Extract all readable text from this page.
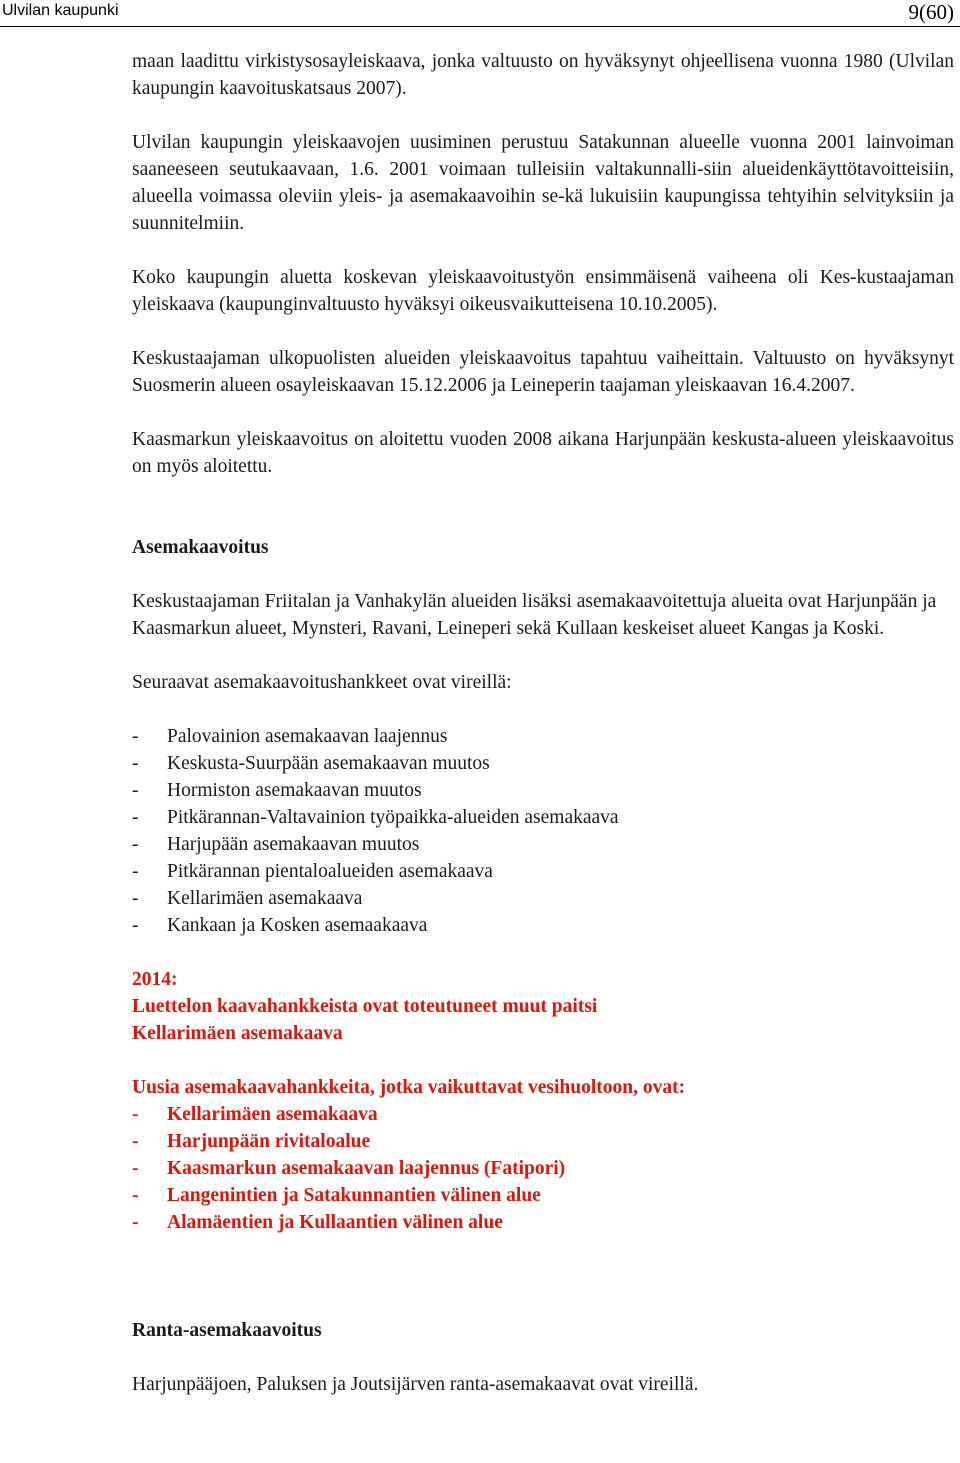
Ulvilan kaupunki	9(60)

maan laadittu virkistysosayleiskaava, jonka valtuusto on hyväksynyt ohjeellisena vuonna 1980 (Ulvilan kaupungin kaavoituskatsaus 2007).

Ulvilan kaupungin yleiskaavojen uusiminen perustuu Satakunnan alueelle vuonna 2001 lainvoiman saaneeseen seutukaavaan, 1.6. 2001 voimaan tulleisiin valtakunnalli-siin alueidenkäyttötavoitteisiin, alueella voimassa oleviin yleis- ja asemakaavoihin se-kä lukuisiin kaupungissa tehtyihin selvityksiin ja suunnitelmiin.

Koko kaupungin aluetta koskevan yleiskaavoitustyön ensimmäisenä vaiheena oli Kes-kustaajaman yleiskaava (kaupunginvaltuusto hyväksyi oikeusvaikutteisena 10.10.2005).

Keskustaajaman ulkopuolisten alueiden yleiskaavoitus tapahtuu vaiheittain. Valtuusto on hyväksynyt Suosmerin alueen osayleiskaavan 15.12.2006 ja Leineperin taajaman yleiskaavan 16.4.2007.

Kaasmarkun yleiskaavoitus on aloitettu vuoden 2008 aikana Harjunpään keskusta-alueen yleiskaavoitus on myös aloitettu.

Asemakaavoitus

Keskustaajaman Friitalan ja Vanhakylän alueiden lisäksi asemakaavoitettuja alueita ovat Harjunpään ja Kaasmarkun alueet, Mynsteri, Ravani, Leineperi sekä Kullaan keskeiset alueet Kangas ja Koski.

Seuraavat asemakaavoitushankkeet ovat vireillä:

- Palovainion asemakaavan laajennus
- Keskusta-Suurpään asemakaavan muutos
- Hormiston asemakaavan muutos
- Pitkärannan-Valtavainion työpaikka-alueiden asemakaava
- Harjupään asemakaavan muutos
- Pitkärannan pientaloalueiden asemakaava
- Kellarimäen asemakaava
- Kankaan ja Kosken asemaakaava
2014:
Luettelon kaavahankkeista ovat toteutuneet muut paitsi
Kellarimäen asemakaava
Uusia asemakaavahankkeita, jotka vaikuttavat vesihuoltoon, ovat:
- Kellarimäen asemakaava
- Harjunpään rivitaloalue
- Kaasmarkun asemakaavan laajennus (Fatipori)
- Langenintien ja Satakunnantien välinen alue
- Alamäentien ja Kullaantien välinen alue
Ranta-asemakaavoitus

Harjunpääjoen, Paluksen ja Joutsijärven ranta-asemakaavat ovat vireillä.
